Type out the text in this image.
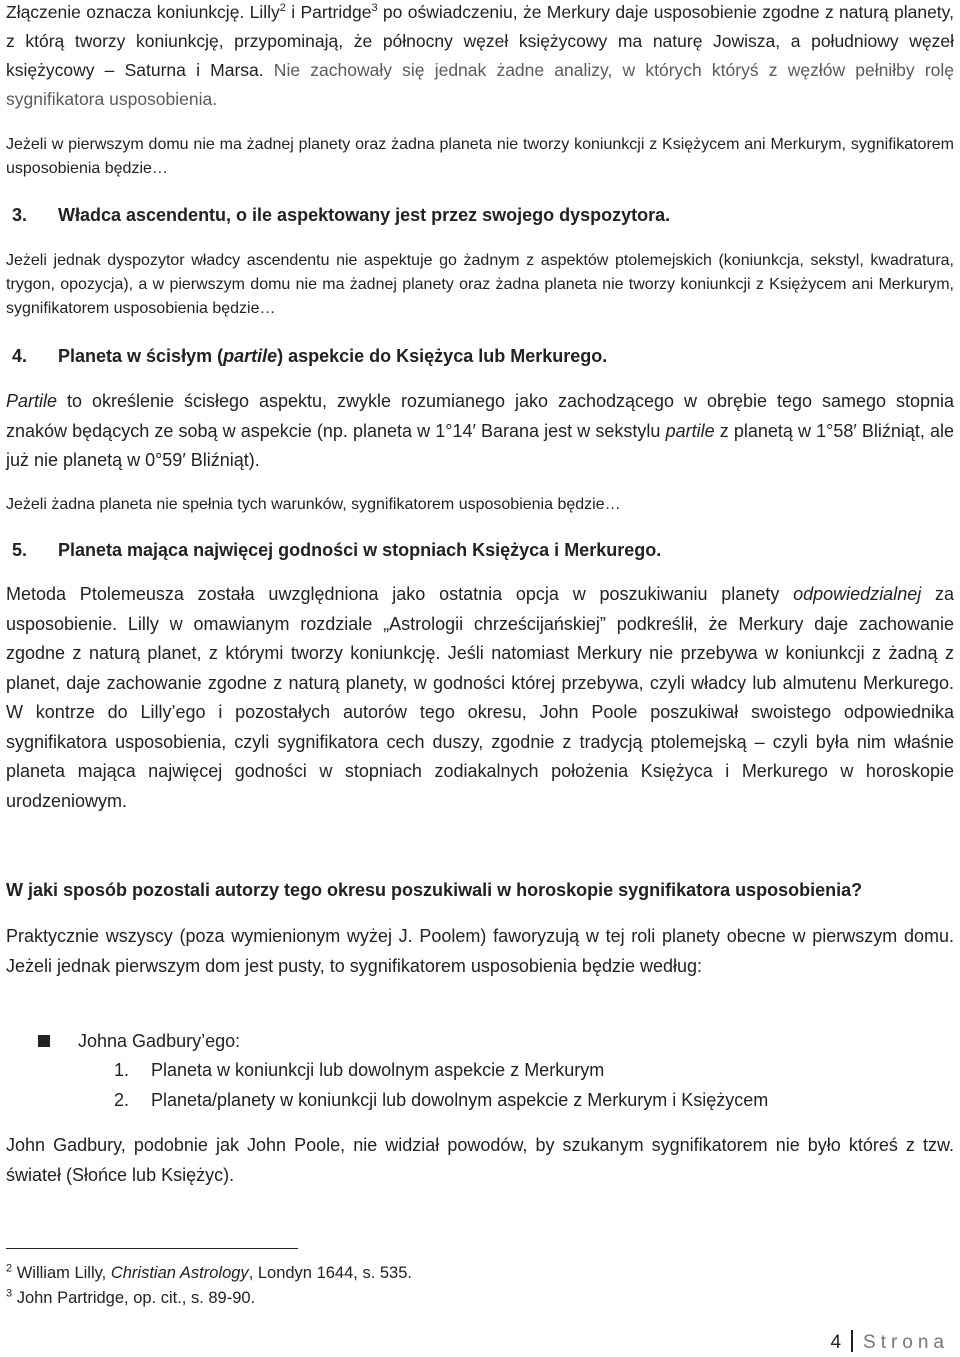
Złączenie oznacza koniunkcję. Lilly$^2$ i Partridge$^3$ po oświadczeniu, że Merkury daje usposobienie zgodne z naturą planety, z którą tworzy koniunkcję, przypominają, że północny węzeł księżycowy ma naturę Jowisza, a południowy węzeł księżycowy – Saturna i Marsa. Nie zachowały się jednak żadne analizy, w których któryś z węzłów pełniłby rolę sygnifikatora usposobienia.

Jeżeli w pierwszym domu nie ma żadnej planety oraz żadna planeta nie tworzy koniunkcji z Księżycem ani Merkurym, sygnifikatorem usposobienia będzie…

3. Władca ascendentu, o ile aspektowany jest przez swojego dyspozytora.

Jeżeli jednak dyspozytor władcy ascendentu nie aspektuje go żadnym z aspektów ptolemejskich (koniunkcja, sekstyl, kwadratura, trygon, opozycja), a w pierwszym domu nie ma żadnej planety oraz żadna planeta nie tworzy koniunkcji z Księżycem ani Merkurym, sygnifikatorem usposobienia będzie…

4. Planeta w ścisłym (partile) aspekcie do Księżyca lub Merkurego.

Partile to określenie ścisłego aspektu, zwykle rozumianego jako zachodzącego w obrębie tego samego stopnia znaków będących ze sobą w aspekcie (np. planeta w 1°14′ Barana jest w sekstylu partile z planetą w 1°58′ Bliźniąt, ale już nie planetą w 0°59′ Bliźniąt).

Jeżeli żadna planeta nie spełnia tych warunków, sygnifikatorem usposobienia będzie…

5. Planeta mająca najwięcej godności w stopniach Księżyca i Merkurego.

Metoda Ptolemeusza została uwzględniona jako ostatnia opcja w poszukiwaniu planety odpowiedzialnej za usposobienie. Lilly w omawianym rozdziale „Astrologii chrześcijańskiej” podkreślił, że Merkury daje zachowanie zgodne z naturą planet, z którymi tworzy koniunkcję. Jeśli natomiast Merkury nie przebywa w koniunkcji z żadną z planet, daje zachowanie zgodne z naturą planety, w godności której przebywa, czyli władcy lub almutenu Merkurego. W kontrze do Lilly’ego i pozostałych autorów tego okresu, John Poole poszukiwał swoistego odpowiednika sygnifikatora usposobienia, czyli sygnifikatora cech duszy, zgodnie z tradycją ptolemejską – czyli była nim właśnie planeta mająca najwięcej godności w stopniach zodiakalnych położenia Księżyca i Merkurego w horoskopie urodzeniowym.

W jaki sposób pozostali autorzy tego okresu poszukiwali w horoskopie sygnifikatora usposobienia?

Praktycznie wszyscy (poza wymienionym wyżej J. Poolem) faworyzują w tej roli planety obecne w pierwszym domu. Jeżeli jednak pierwszym dom jest pusty, to sygnifikatorem usposobienia będzie według:

Johna Gadbury’ego:
1. Planeta w koniunkcji lub dowolnym aspekcie z Merkurym
2. Planeta/planety w koniunkcji lub dowolnym aspekcie z Merkurym i Księżycem

John Gadbury, podobnie jak John Poole, nie widział powodów, by szukanym sygnifikatorem nie było któreś z tzw. świateł (Słońce lub Księżyc).

$^2$ William Lilly, Christian Astrology, Londyn 1644, s. 535.
$^3$ John Partridge, op. cit., s. 89-90.
4 Strona
